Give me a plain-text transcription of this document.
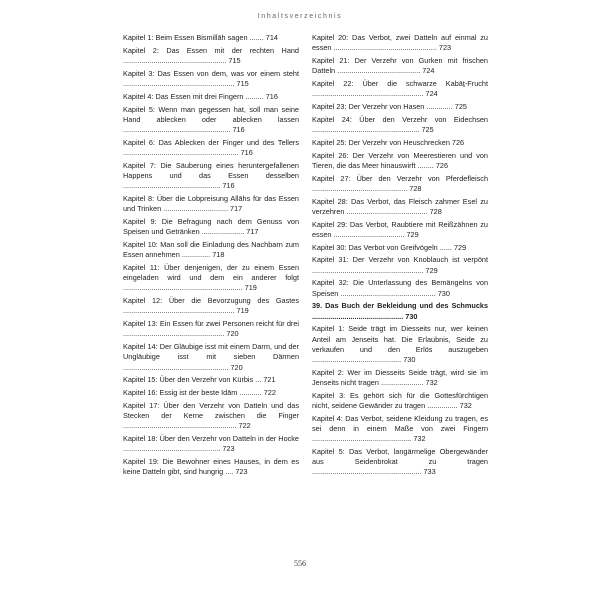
Inhaltsverzeichnis
Kapitel 1: Beim Essen Bismillāh sagen ....... 714
Kapitel 2: Das Essen mit der rechten Hand ................................................... 715
Kapitel 3: Das Essen von dem, was vor einem steht ....................................................... 715
Kapitel 4: Das Essen mit drei Fingern ......... 716
Kapitel 5: Wenn man gegessen hat, soll man seine Hand ablecken oder ablecken lassen ..................................................... 716
Kapitel 6: Das Ablecken der Finger und des Tellers ......................................................... 716
Kapitel 7: Die Säuberung eines heruntergefallenen Happens und das Essen desselben ................................................ 716
Kapitel 8: Über die Lobpreisung Allāhs für das Essen und Trinken ................................ 717
Kapitel 9: Die Befragung nach dem Genuss von Speisen und Getränken ..................... 717
Kapitel 10: Man soll die Einladung des Nachbarn zum Essen annehmen .............. 718
Kapitel 11: Über denjenigen, der zu einem Essen eingeladen wird und dem ein anderer folgt ........................................................... 719
Kapitel 12: Über die Bevorzugung des Gastes ....................................................... 719
Kapitel 13: Ein Essen für zwei Personen reicht für drei .................................................. 720
Kapitel 14: Der Gläubige isst mit einem Darm, und der Ungläubige isst mit sieben Därmen .................................................... 720
Kapitel 15: Über den Verzehr von Kürbis ... 721
Kapitel 16: Essig ist der beste Idām ........... 722
Kapitel 17: Über den Verzehr von Datteln und das Stecken der Kerne zwischen die Finger ........................................................ 722
Kapitel 18: Über den Verzehr von Datteln in der Hocke ................................................ 723
Kapitel 19: Die Bewohner eines Hauses, in dem es keine Datteln gibt, sind hungrig .... 723
Kapitel 20: Das Verbot, zwei Datteln auf einmal zu essen ................................................... 723
Kapitel 21: Der Verzehr von Gurken mit frischen Datteln ......................................... 724
Kapitel 22: Über die schwarze Kabāṯ-Frucht ....................................................... 724
Kapitel 23: Der Verzehr von Hasen ............. 725
Kapitel 24: Über den Verzehr von Eidechsen ..................................................... 725
Kapitel 25: Der Verzehr von Heuschrecken 726
Kapitel 26: Der Verzehr von Meerestieren und von Tieren, die das Meer hinauswirft ........ 726
Kapitel 27: Über den Verzehr von Pferdefleisch ............................................... 728
Kapitel 28: Das Verbot, das Fleisch zahmer Esel zu verzehren ........................................ 728
Kapitel 29: Das Verbot, Raubtiere mit Reißzähnen zu essen ................................... 729
Kapitel 30: Das Verbot von Greifvögeln ...... 729
Kapitel 31: Der Verzehr von Knoblauch ist verpönt ....................................................... 729
Kapitel 32: Die Unterlassung des Bemängelns von Speisen ............................................... 730
39. Das Buch der Bekleidung und des Schmucks ............................................. 730
Kapitel 1: Seide trägt im Diesseits nur, wer keinen Anteil am Jenseits hat. Die Erlaubnis, Seide zu verkaufen und den Erlös auszugeben ............................................ 730
Kapitel 2: Wer im Diesseits Seide trägt, wird sie im Jenseits nicht tragen ..................... 732
Kapitel 3: Es gehört sich für die Gottesfürchtigen nicht, seidene Gewänder zu tragen ............... 732
Kapitel 4: Das Verbot, seidene Kleidung zu tragen, es sei denn in einem Maße von zwei Fingern ................................................. 732
Kapitel 5: Das Verbot, langärmelige Obergewänder aus Seidenbrokat zu tragen ...................................................... 733
556
